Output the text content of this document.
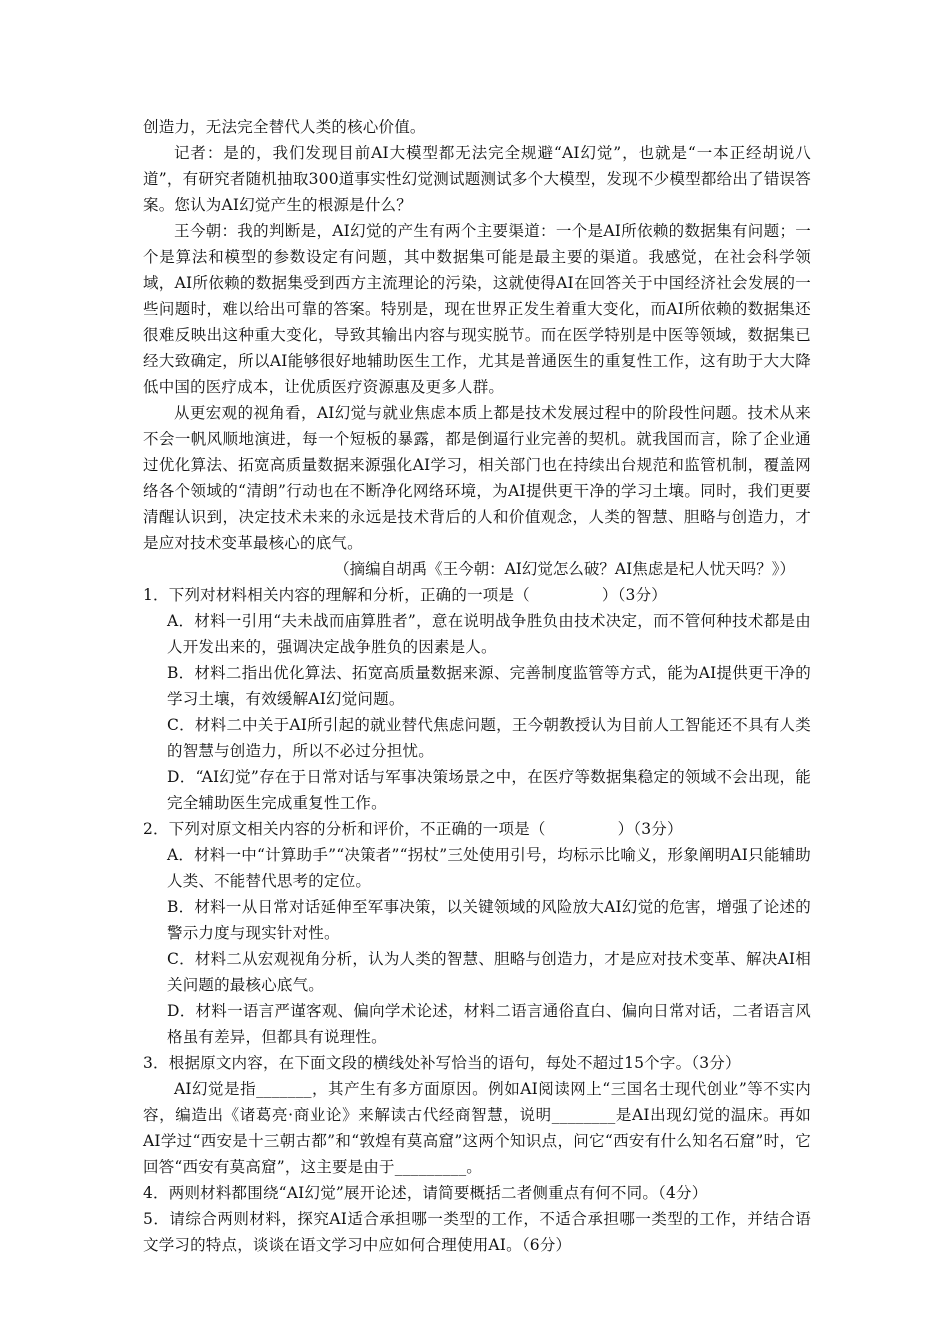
创造力，无法完全替代人类的核心价值。

记者：是的，我们发现目前AI大模型都无法完全规避“AI幻觉”，也就是“一本正经胡说八道”，有研究者随机抽取300道事实性幻觉测试题测试多个大模型，发现不少模型都给出了错误答案。您认为AI幻觉产生的根源是什么？

王今朝：我的判断是，AI幻觉的产生有两个主要渠道：一个是AI所依赖的数据集有问题；一个是算法和模型的参数设定有问题，其中数据集可能是最主要的渠道。我感觉，在社会科学领域，AI所依赖的数据集受到西方主流理论的污染，这就使得AI在回答关于中国经济社会发展的一些问题时，难以给出可靠的答案。特别是，现在世界正发生着重大变化，而AI所依赖的数据集还很难反映出这种重大变化，导致其输出内容与现实脱节。而在医学特别是中医等领域，数据集已经大致确定，所以AI能够很好地辅助医生工作，尤其是普通医生的重复性工作，这有助于大大降低中国的医疗成本，让优质医疗资源惠及更多人群。

从更宏观的视角看，AI幻觉与就业焦虑本质上都是技术发展过程中的阶段性问题。技术从来不会一帆风顺地演进，每一个短板的暴露，都是倒逼行业完善的契机。就我国而言，除了企业通过优化算法、拓宽高质量数据来源强化AI学习，相关部门也在持续出台规范和监管机制，覆盖网络各个领域的“清朗”行动也在不断净化网络环境，为AI提供更干净的学习土壤。同时，我们更要清醒认识到，决定技术未来的永远是技术背后的人和价值观念，人类的智慧、胆略与创造力，才是应对技术变革最核心的底气。

（摘编自胡禹《王今朝：AI幻觉怎么破？AI焦虑是杞人忧天吗？》）

1．下列对材料相关内容的理解和分析，正确的一项是（	）（3分）

A．材料一引用“夫未战而庙算胜者”，意在说明战争胜负由技术决定，而不管何种技术都是由人开发出来的，强调决定战争胜负的因素是人。

B．材料二指出优化算法、拓宽高质量数据来源、完善制度监管等方式，能为AI提供更干净的学习土壤，有效缓解AI幻觉问题。

C．材料二中关于AI所引起的就业替代焦虑问题，王今朝教授认为目前人工智能还不具有人类的智慧与创造力，所以不必过分担忧。

D．“AI幻觉”存在于日常对话与军事决策场景之中，在医疗等数据集稳定的领域不会出现，能完全辅助医生完成重复性工作。

2．下列对原文相关内容的分析和评价，不正确的一项是（	）（3分）

A．材料一中“计算助手”“决策者”“拐杖”三处使用引号，均标示比喻义，形象阐明AI只能辅助人类、不能替代思考的定位。

B．材料一从日常对话延伸至军事决策，以关键领域的风险放大AI幻觉的危害，增强了论述的警示力度与现实针对性。

C．材料二从宏观视角分析，认为人类的智慧、胆略与创造力，才是应对技术变革、解决AI相关问题的最核心底气。

D．材料一语言严谨客观、偏向学术论述，材料二语言通俗直白、偏向日常对话，二者语言风格虽有差异，但都具有说理性。

3．根据原文内容，在下面文段的横线处补写恰当的语句，每处不超过15个字。（3分）

AI幻觉是指_______，其产生有多方面原因。例如AI阅读网上“三国名士现代创业”等不实内容，编造出《诸葛亮·商业论》来解读古代经商智慧，说明________是AI出现幻觉的温床。再如AI学过“西安是十三朝古都”和“敦煌有莫高窟”这两个知识点，问它“西安有什么知名石窟”时，它回答“西安有莫高窟”，这主要是由于_________。

4．两则材料都围绕“AI幻觉”展开论述，请简要概括二者侧重点有何不同。（4分）

5．请综合两则材料，探究AI适合承担哪一类型的工作，不适合承担哪一类型的工作，并结合语文学习的特点，谈谈在语文学习中应如何合理使用AI。（6分）
